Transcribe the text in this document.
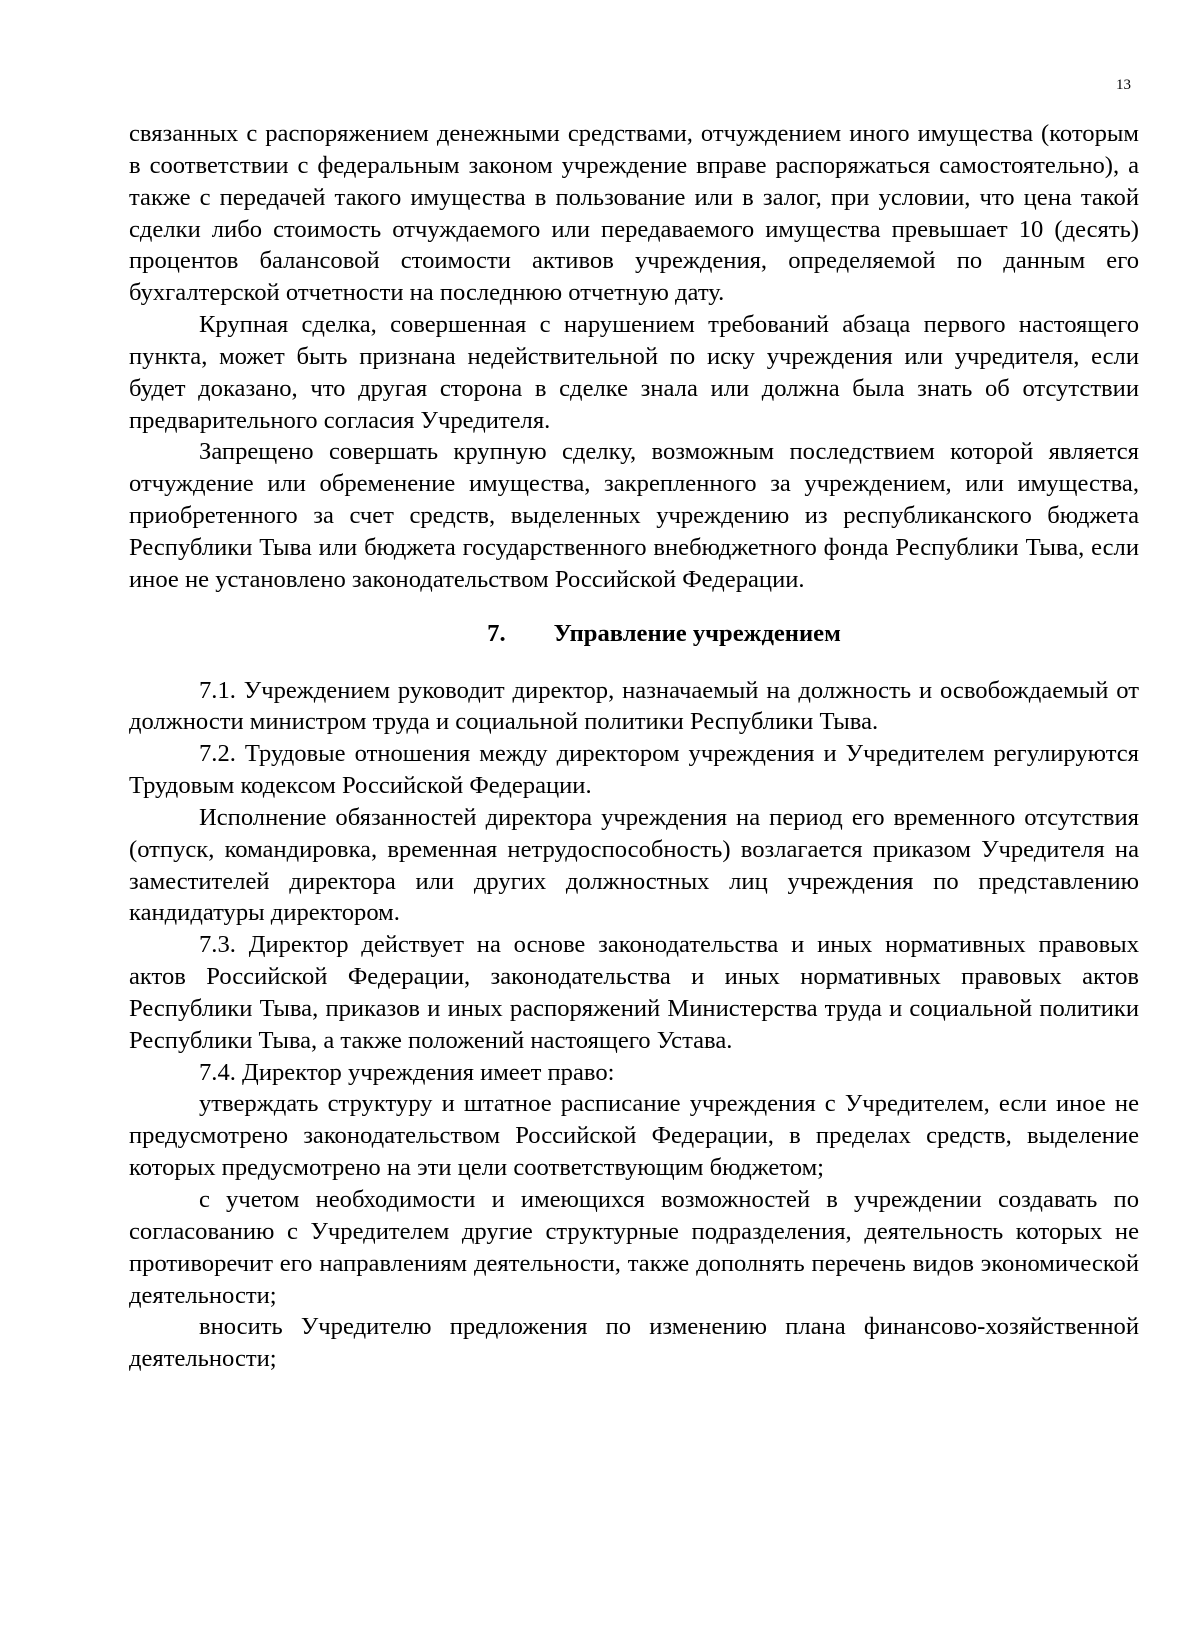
13

связанных с распоряжением денежными средствами, отчуждением иного имущества (которым в соответствии с федеральным законом учреждение вправе распоряжаться самостоятельно), а также с передачей такого имущества в пользование или в залог, при условии, что цена такой сделки либо стоимость отчуждаемого или передаваемого имущества превышает 10 (десять) процентов балансовой стоимости активов учреждения, определяемой по данным его бухгалтерской отчетности на последнюю отчетную дату.

Крупная сделка, совершенная с нарушением требований абзаца первого настоящего пункта, может быть признана недействительной по иску учреждения или учредителя, если будет доказано, что другая сторона в сделке знала или должна была знать об отсутствии предварительного согласия Учредителя.

Запрещено совершать крупную сделку, возможным последствием которой является отчуждение или обременение имущества, закрепленного за учреждением, или имущества, приобретенного за счет средств, выделенных учреждению из республиканского бюджета Республики Тыва или бюджета государственного внебюджетного фонда Республики Тыва, если иное не установлено законодательством Российской Федерации.

7. Управление учреждением

7.1. Учреждением руководит директор, назначаемый на должность и освобождаемый от должности министром труда и социальной политики Республики Тыва.

7.2. Трудовые отношения между директором учреждения и Учредителем регулируются Трудовым кодексом Российской Федерации.

Исполнение обязанностей директора учреждения на период его временного отсутствия (отпуск, командировка, временная нетрудоспособность) возлагается приказом Учредителя на заместителей директора или других должностных лиц учреждения по представлению кандидатуры директором.

7.3. Директор действует на основе законодательства и иных нормативных правовых актов Российской Федерации, законодательства и иных нормативных правовых актов Республики Тыва, приказов и иных распоряжений Министерства труда и социальной политики Республики Тыва, а также положений настоящего Устава.

7.4. Директор учреждения имеет право:

утверждать структуру и штатное расписание учреждения с Учредителем, если иное не предусмотрено законодательством Российской Федерации, в пределах средств, выделение которых предусмотрено на эти цели соответствующим бюджетом;

с учетом необходимости и имеющихся возможностей в учреждении создавать по согласованию с Учредителем другие структурные подразделения, деятельность которых не противоречит его направлениям деятельности, также дополнять перечень видов экономической деятельности;

вносить Учредителю предложения по изменению плана финансово-хозяйственной деятельности;
